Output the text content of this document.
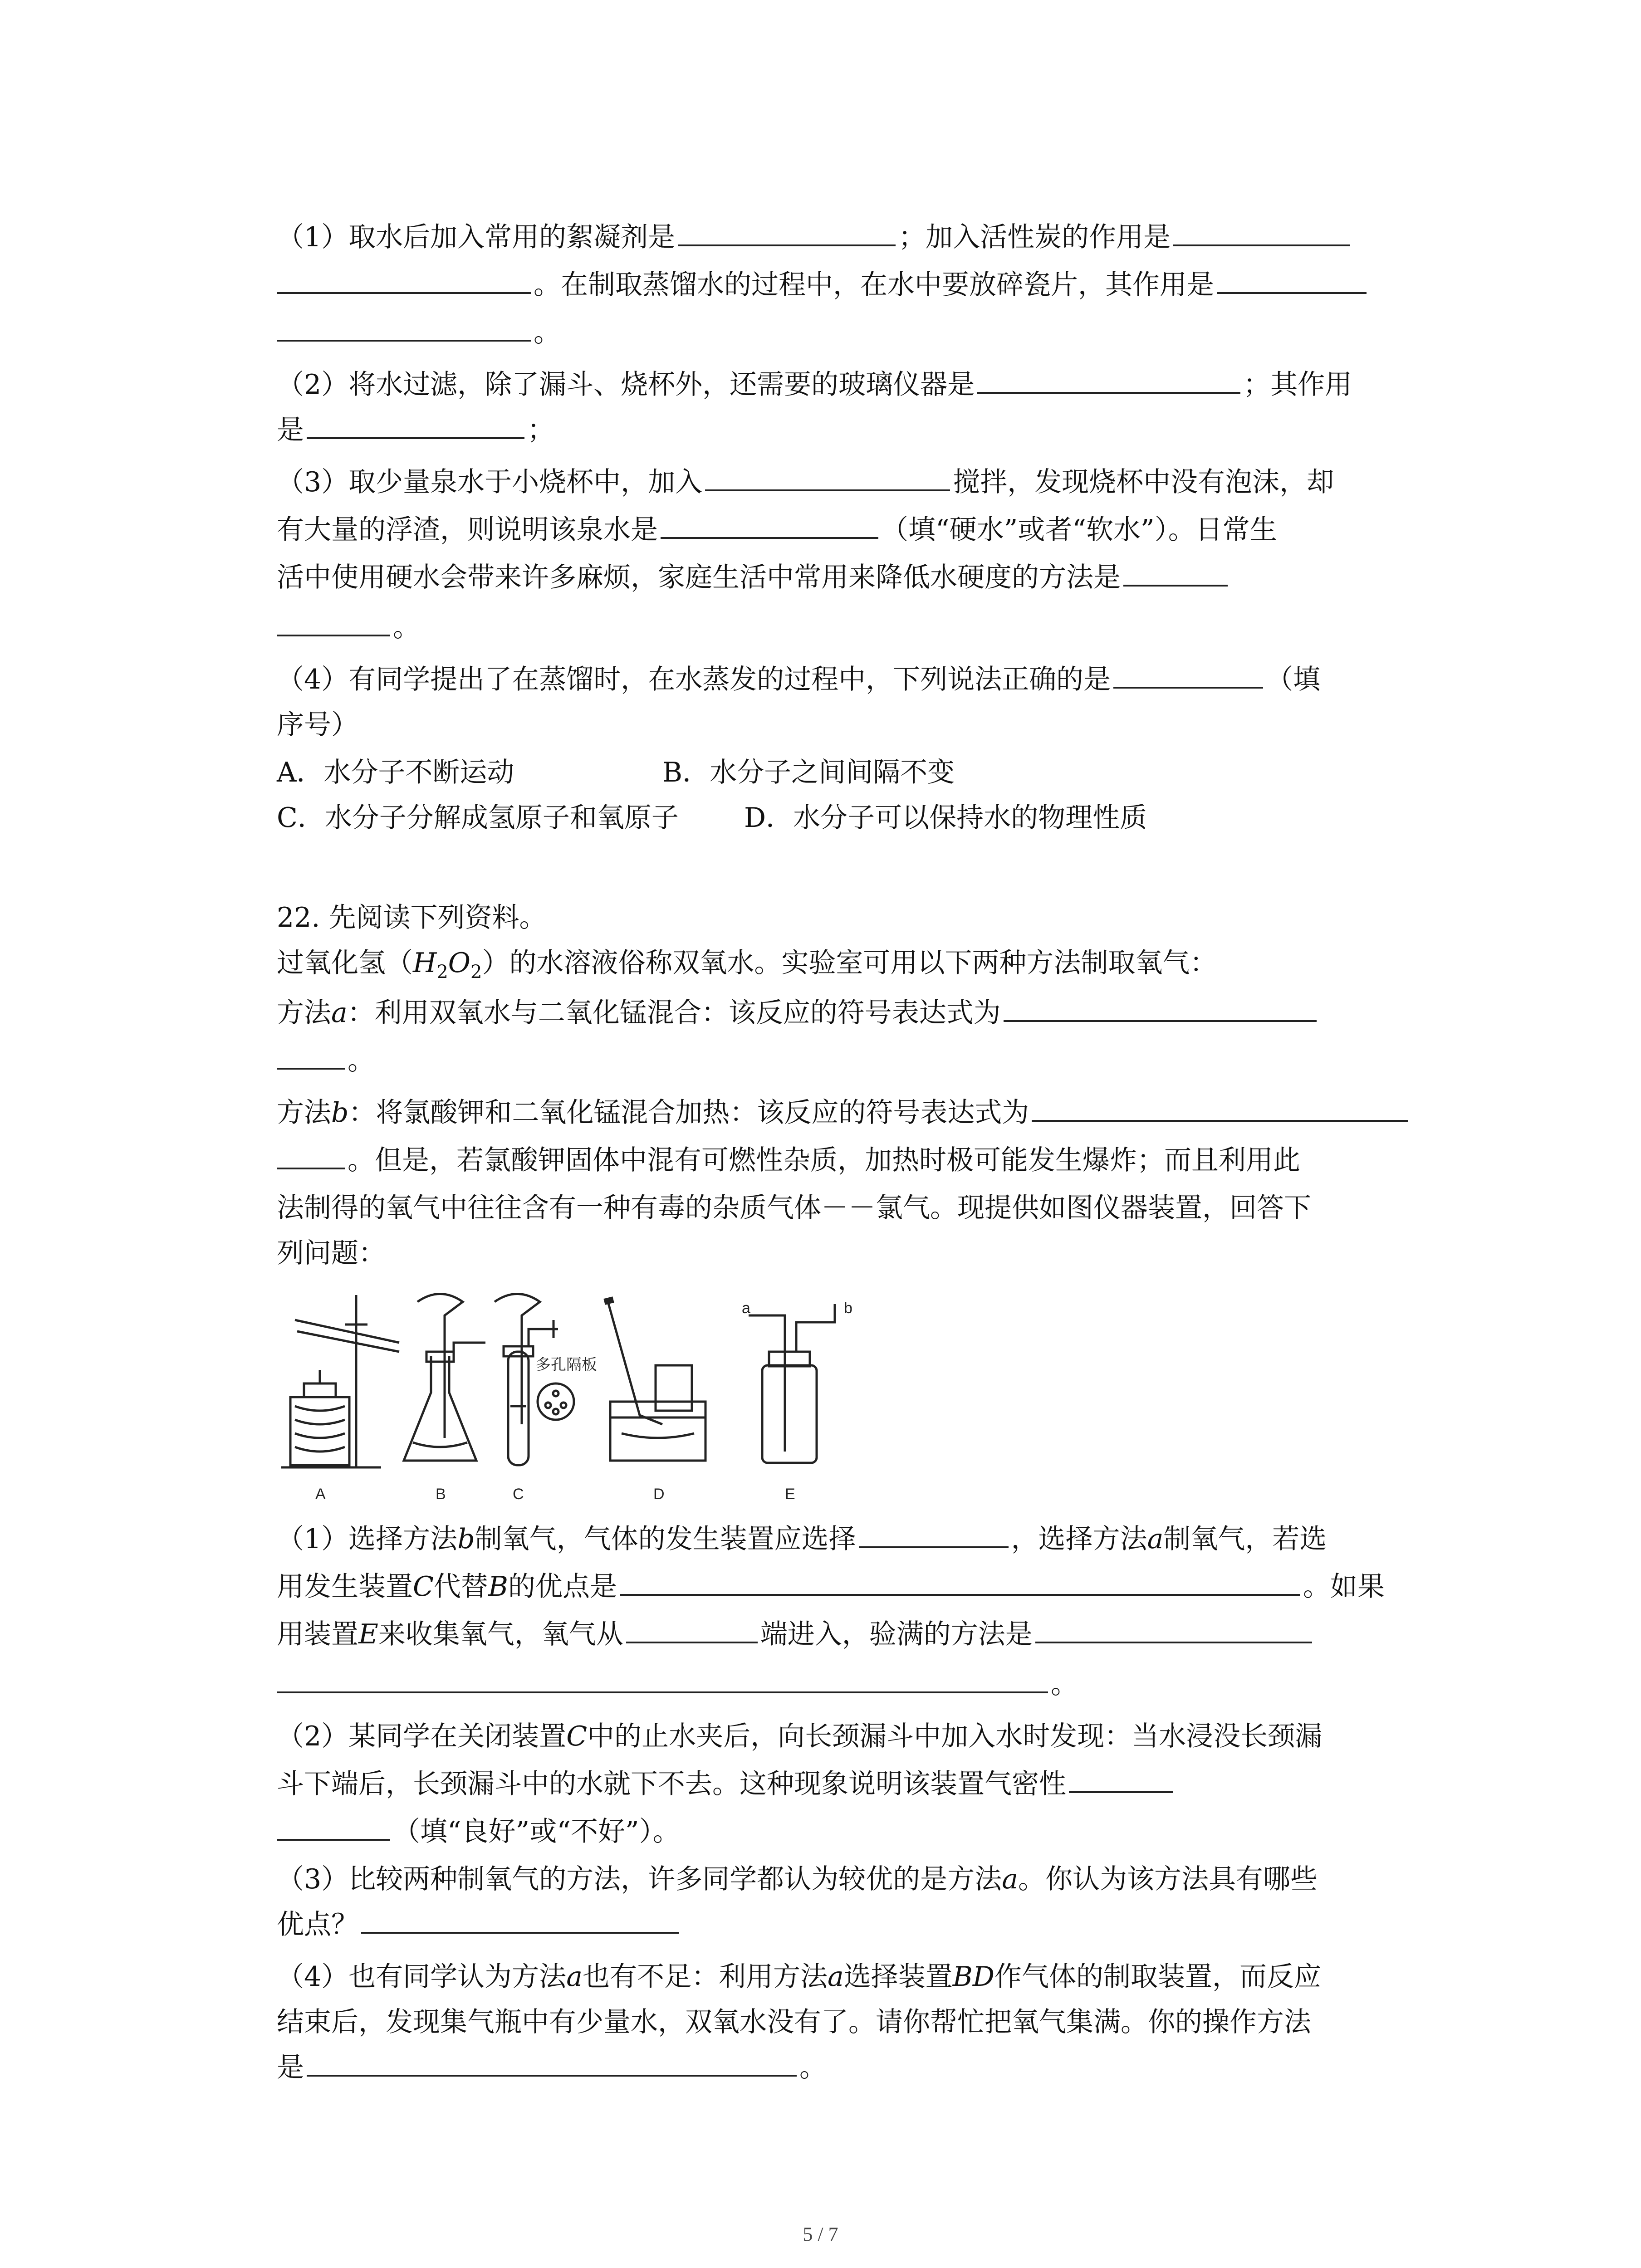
（1）取水后加入常用的絮凝剂是	；加入活性炭的作用是
。在制取蒸馏水的过程中，在水中要放碎瓷片，其作用是
。
（2）将水过滤，除了漏斗、烧杯外，还需要的玻璃仪器是	；其作用
是	；
（3）取少量泉水于小烧杯中，加入	搅拌，发现烧杯中没有泡沫，却
有大量的浮渣，则说明该泉水是	（填“硬水”或者“软水”）。日常生
活中使用硬水会带来许多麻烦，家庭生活中常用来降低水硬度的方法是
。
（4）有同学提出了在蒸馏时，在水蒸发的过程中，下列说法正确的是	（填
序号）
A．水分子不断运动	B．水分子之间间隔不变
C．水分子分解成氢原子和氧原子 D．水分子可以保持水的物理性质
22. 先阅读下列资料。
过氧化氢$(H_2O_2)$的水溶液俗称双氧水。实验室可用以下两种方法制取氧气：
方法a：利用双氧水与二氧化锰混合：该反应的符号表达式为
。
方法b：将氯酸钾和二氧化锰混合加热：该反应的符号表达式为
。但是，若氯酸钾固体中混有可燃性杂质，加热时极可能发生爆炸；而且利用此
法制得的氧气中往往含有一种有毒的杂质气体－－氯气。现提供如图仪器装置，回答下
列问题：
A	B	C	D	E
多孔隔板
a	b
（1）选择方法b制氧气，气体的发生装置应选择	，选择方法a制氧气，若选
用发生装置C代替B的优点是	。如果
用装置E来收集氧气，氧气从	端进入，验满的方法是
。
（2）某同学在关闭装置C中的止水夹后，向长颈漏斗中加入水时发现：当水浸没长颈漏
斗下端后，长颈漏斗中的水就下不去。这种现象说明该装置气密性
（填“良好”或“不好”）。
（3）比较两种制氧气的方法，许多同学都认为较优的是方法a。你认为该方法具有哪些
优点？
（4）也有同学认为方法a也有不足：利用方法a选择装置BD作气体的制取装置，而反应
结束后，发现集气瓶中有少量水，双氧水没有了。请你帮忙把氧气集满。你的操作方法
是	。
5 / 7
